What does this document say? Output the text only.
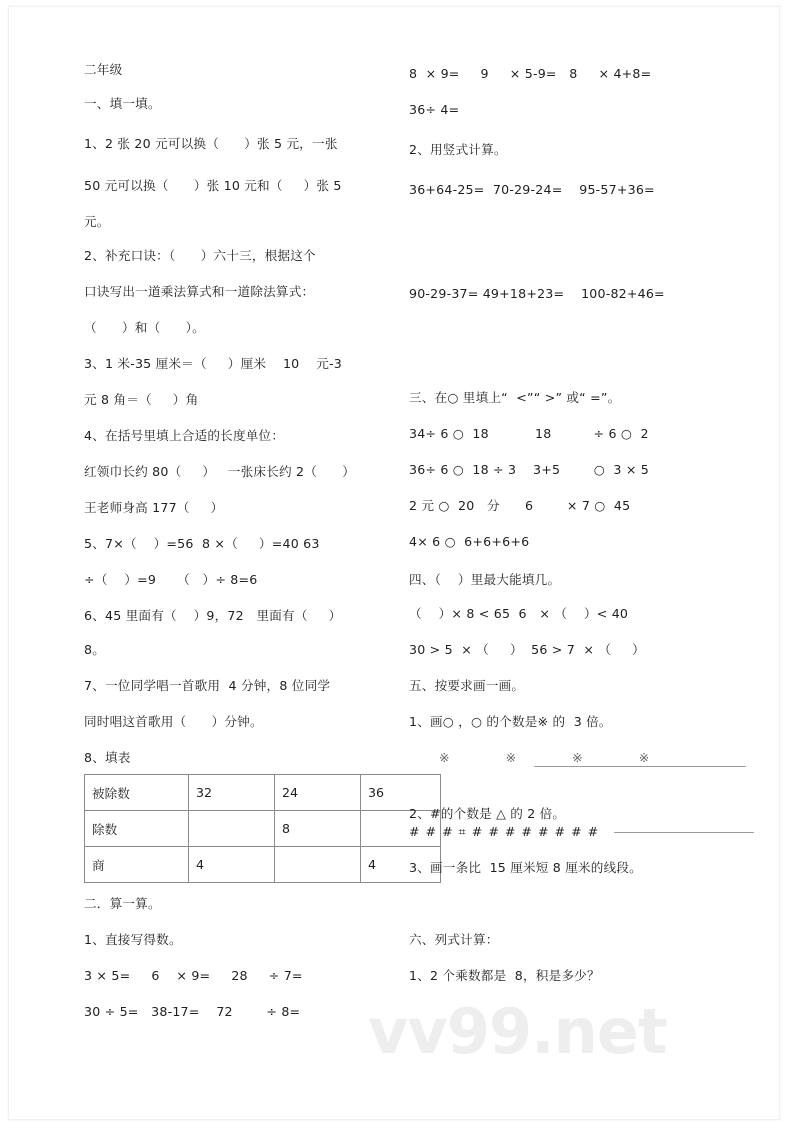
二年级
一、填一填。
1、2 张 20 元可以换（      ）张 5 元，一张
50 元可以换（      ）张 10 元和（     ）张 5
元。
2、补充口诀：（      ）六十三，根据这个
口诀写出一道乘法算式和一道除法算式：
（      ）和（      ）。
3、1 米-35 厘米＝（     ）厘米    10    元-3
元 8 角＝（     ）角
4、在括号里填上合适的长度单位：
红领巾长约 80（     ）   一张床长约 2（      ）
王老师身高 177（     ）
5、7×（    ）=56  8 ×（     ）=40 63
÷（    ）=9     （   ）÷ 8=6
6、45 里面有（    ）9，72   里面有（     ）
8。
7、一位同学唱一首歌用  4 分钟，8 位同学
同时唱这首歌用（      ）分钟。
8、填表
二．算一算。
1、直接写得数。
3 × 5=     6    × 9=     28     ÷ 7=
30 ÷ 5=   38-17=    72        ÷ 8=
被除数	32	24	36
除数		8	
商	4		4
8  × 9=     9     × 5-9=   8     × 4+8=
36÷ 4=
2、用竖式计算。
36+64-25=  70-29-24=    95-57+36=
90-29-37= 49+18+23=    100-82+46=
三、在○ 里填上“  <”“ >” 或“ =”。
34÷ 6 ○  18           18          ÷ 6 ○  2
36÷ 6 ○  18 ÷ 3    3+5        ○  3 × 5
2 元 ○  20   分      6        × 7 ○  45
4× 6 ○  6+6+6+6
四、（    ）里最大能填几。
（    ）× 8 < 65  6   × （    ）< 40
30 > 5  × （     ）  56 > 7  × （     ）
五、按要求画一画。
1、画○ ，○ 的个数是※ 的  3 倍。
※   ※   ※   ※
2、#的个数是 △ 的 2 倍。
# # # ⌗ # # # # # # # #
3、画一条比  15 厘米短 8 厘米的线段。
六、列式计算：
1、2 个乘数都是  8，积是多少？
vv99.net
